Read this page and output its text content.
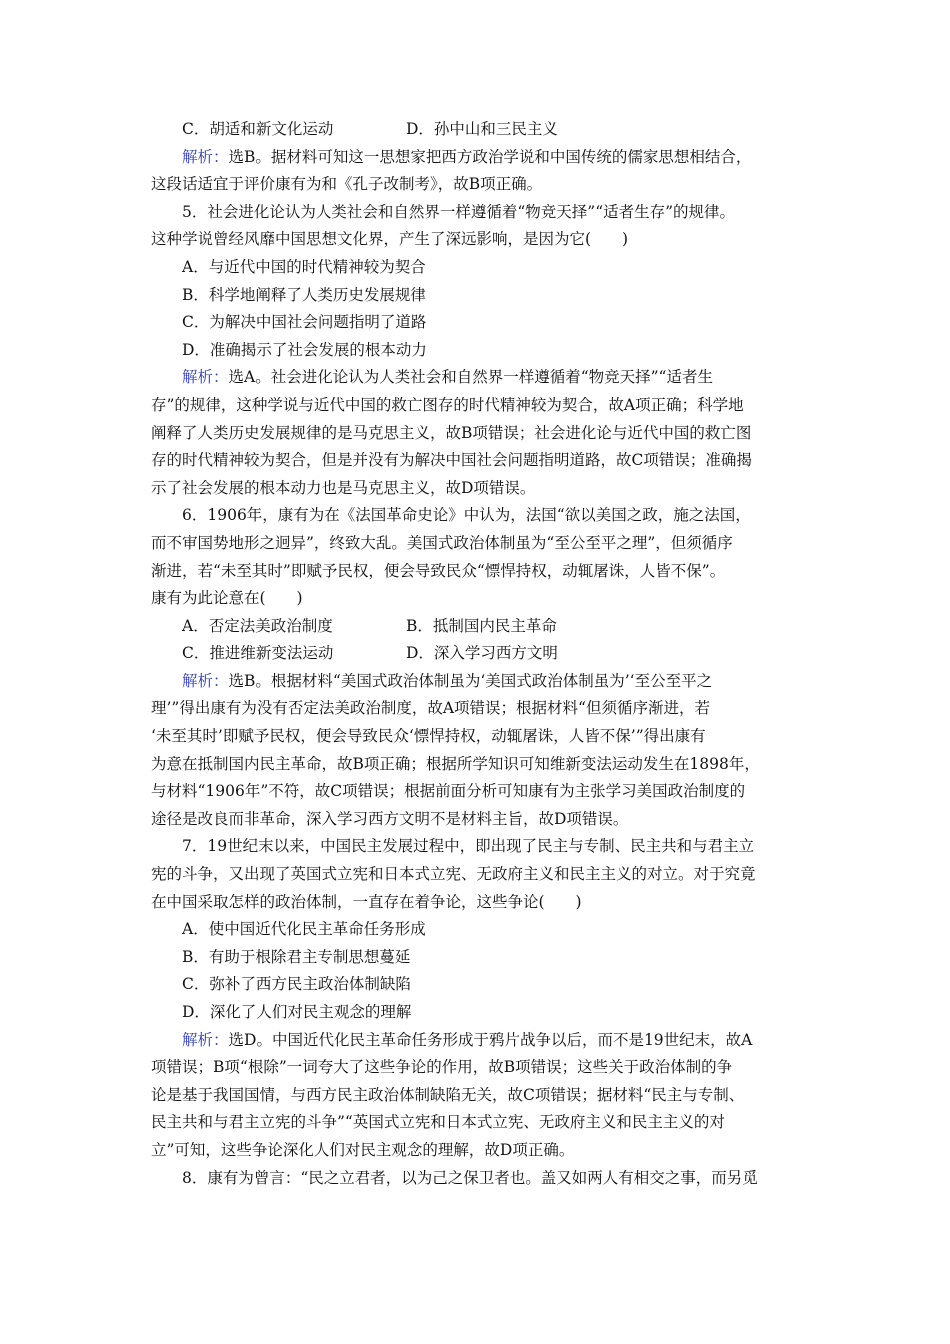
C．胡适和新文化运动	D．孙中山和三民主义
解析：选B。据材料可知这一思想家把西方政治学说和中国传统的儒家思想相结合，
这段话适宜于评价康有为和《孔子改制考》，故B项正确。
5．社会进化论认为人类社会和自然界一样遵循着“物竞天择”“适者生存”的规律。
这种学说曾经风靡中国思想文化界，产生了深远影响，是因为它(　　)
A．与近代中国的时代精神较为契合
B．科学地阐释了人类历史发展规律
C．为解决中国社会问题指明了道路
D．准确揭示了社会发展的根本动力
解析：选A。社会进化论认为人类社会和自然界一样遵循着“物竞天择”“适者生
存”的规律，这种学说与近代中国的救亡图存的时代精神较为契合，故A项正确；科学地
阐释了人类历史发展规律的是马克思主义，故B项错误；社会进化论与近代中国的救亡图
存的时代精神较为契合，但是并没有为解决中国社会问题指明道路，故C项错误；准确揭
示了社会发展的根本动力也是马克思主义，故D项错误。
6．1906年，康有为在《法国革命史论》中认为，法国“欲以美国之政，施之法国，
而不审国势地形之迥异”，终致大乱。美国式政治体制虽为“至公至平之理”，但须循序
渐进，若“未至其时”即赋予民权，便会导致民众“慓悍持权，动辄屠诛，人皆不保”。
康有为此论意在(　　)
A．否定法美政治制度	B．抵制国内民主革命
C．推进维新变法运动	D．深入学习西方文明
解析：选B。根据材料“美国式政治体制虽为‘美国式政治体制虽为’‘至公至平之
理’”得出康有为没有否定法美政治制度，故A项错误；根据材料“但须循序渐进，若
‘未至其时’即赋予民权，便会导致民众‘慓悍持权，动辄屠诛，人皆不保’”得出康有
为意在抵制国内民主革命，故B项正确；根据所学知识可知维新变法运动发生在1898年，
与材料“1906年”不符，故C项错误；根据前面分析可知康有为主张学习美国政治制度的
途径是改良而非革命，深入学习西方文明不是材料主旨，故D项错误。
7．19世纪末以来，中国民主发展过程中，即出现了民主与专制、民主共和与君主立
宪的斗争，又出现了英国式立宪和日本式立宪、无政府主义和民主主义的对立。对于究竟
在中国采取怎样的政治体制，一直存在着争论，这些争论(　　)
A．使中国近代化民主革命任务形成
B．有助于根除君主专制思想蔓延
C．弥补了西方民主政治体制缺陷
D．深化了人们对民主观念的理解
解析：选D。中国近代化民主革命任务形成于鸦片战争以后，而不是19世纪末，故A
项错误；B项“根除”一词夸大了这些争论的作用，故B项错误；这些关于政治体制的争
论是基于我国国情，与西方民主政治体制缺陷无关，故C项错误；据材料“民主与专制、
民主共和与君主立宪的斗争”“英国式立宪和日本式立宪、无政府主义和民主主义的对
立”可知，这些争论深化人们对民主观念的理解，故D项正确。
8．康有为曾言：“民之立君者，以为己之保卫者也。盖又如两人有相交之事，而另觅
